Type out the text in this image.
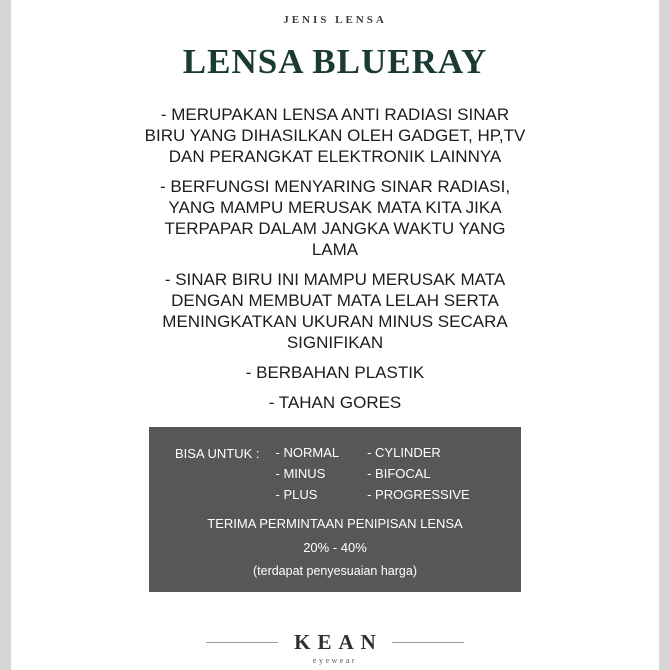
JENIS LENSA
LENSA BLUERAY

- MERUPAKAN LENSA ANTI RADIASI SINAR BIRU YANG DIHASILKAN OLEH GADGET, HP,TV DAN PERANGKAT ELEKTRONIK LAINNYA

- BERFUNGSI MENYARING SINAR RADIASI, YANG MAMPU MERUSAK MATA KITA JIKA TERPAPAR DALAM JANGKA WAKTU YANG LAMA

- SINAR BIRU INI MAMPU MERUSAK MATA DENGAN MEMBUAT MATA LELAH SERTA MENINGKATKAN UKURAN MINUS SECARA SIGNIFIKAN

- BERBAHAN PLASTIK

- TAHAN GORES

BISA UNTUK : - NORMAL
- MINUS
- PLUS
- CYLINDER
- BIFOCAL
- PROGRESSIVE
TERIMA PERMINTAAN PENIPISAN LENSA
20% - 40%
(terdapat penyesuaian harga)
KEAN
eyewear
